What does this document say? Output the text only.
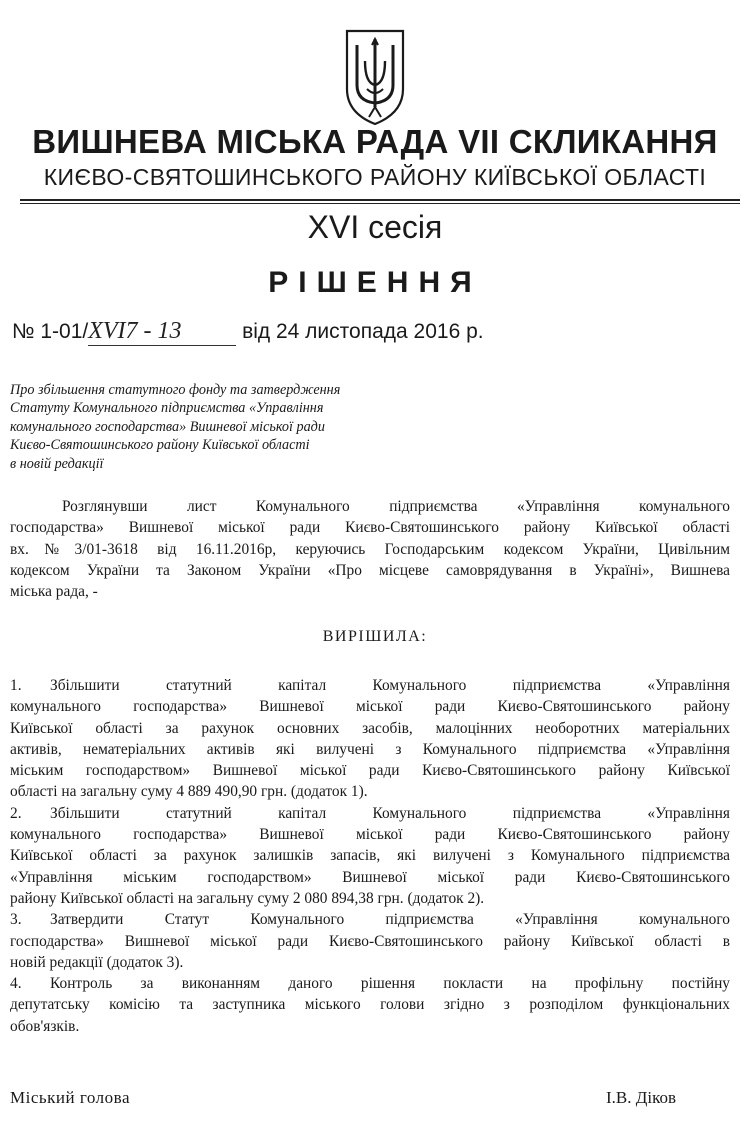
ВИШНЕВА МІСЬКА РАДА VII СКЛИКАННЯ
КИЄВО-СВЯТОШИНСЬКОГО РАЙОНУ КИЇВСЬКОЇ ОБЛАСТІ
XVI сесія
РІШЕННЯ
№ 1-01/XVI7 - 13	від 24 листопада 2016 р.
Про збільшення статутного фонду та затвердження
Статуту Комунального підприємства «Управління
комунального господарства» Вишневої міської ради
Києво-Святошинського району Київської області
в новій редакції
Розглянувши лист Комунального підприємства «Управління комунального
господарства» Вишневої міської ради Києво-Святошинського району Київської області
вх.№3/01-3618 від 16.11.2016р, керуючись Господарським кодексом України, Цивільним
кодексом України та Законом України «Про місцеве самоврядування в Україні», Вишнева
міська рада, -
ВИРІШИЛА:
1. Збільшити статутний капітал Комунального підприємства «Управління
комунального господарства» Вишневої міської ради Києво-Святошинського району
Київської області за рахунок основних засобів, малоцінних необоротних матеріальних
активів, нематеріальних активів які вилучені з Комунального підприємства «Управління
міським господарством» Вишневої міської ради Києво-Святошинського району Київської
області на загальну суму 4 889 490,90 грн. (додаток 1).
2. Збільшити статутний капітал Комунального підприємства «Управління
комунального господарства» Вишневої міської ради Києво-Святошинського району
Київської області за рахунок залишків запасів, які вилучені з Комунального підприємства
«Управління міським господарством» Вишневої міської ради Києво-Святошинського
району Київської області на загальну суму 2 080 894,38 грн. (додаток 2).
3. Затвердити Статут Комунального підприємства «Управління комунального
господарства» Вишневої міської ради Києво-Святошинського району Київської області в
новій редакції (додаток 3).
4. Контроль за виконанням даного рішення покласти на профільну постійну
депутатську комісію та заступника міського голови згідно з розподілом функціональних
обов'язків.
Міський голова	І.В. Діков
